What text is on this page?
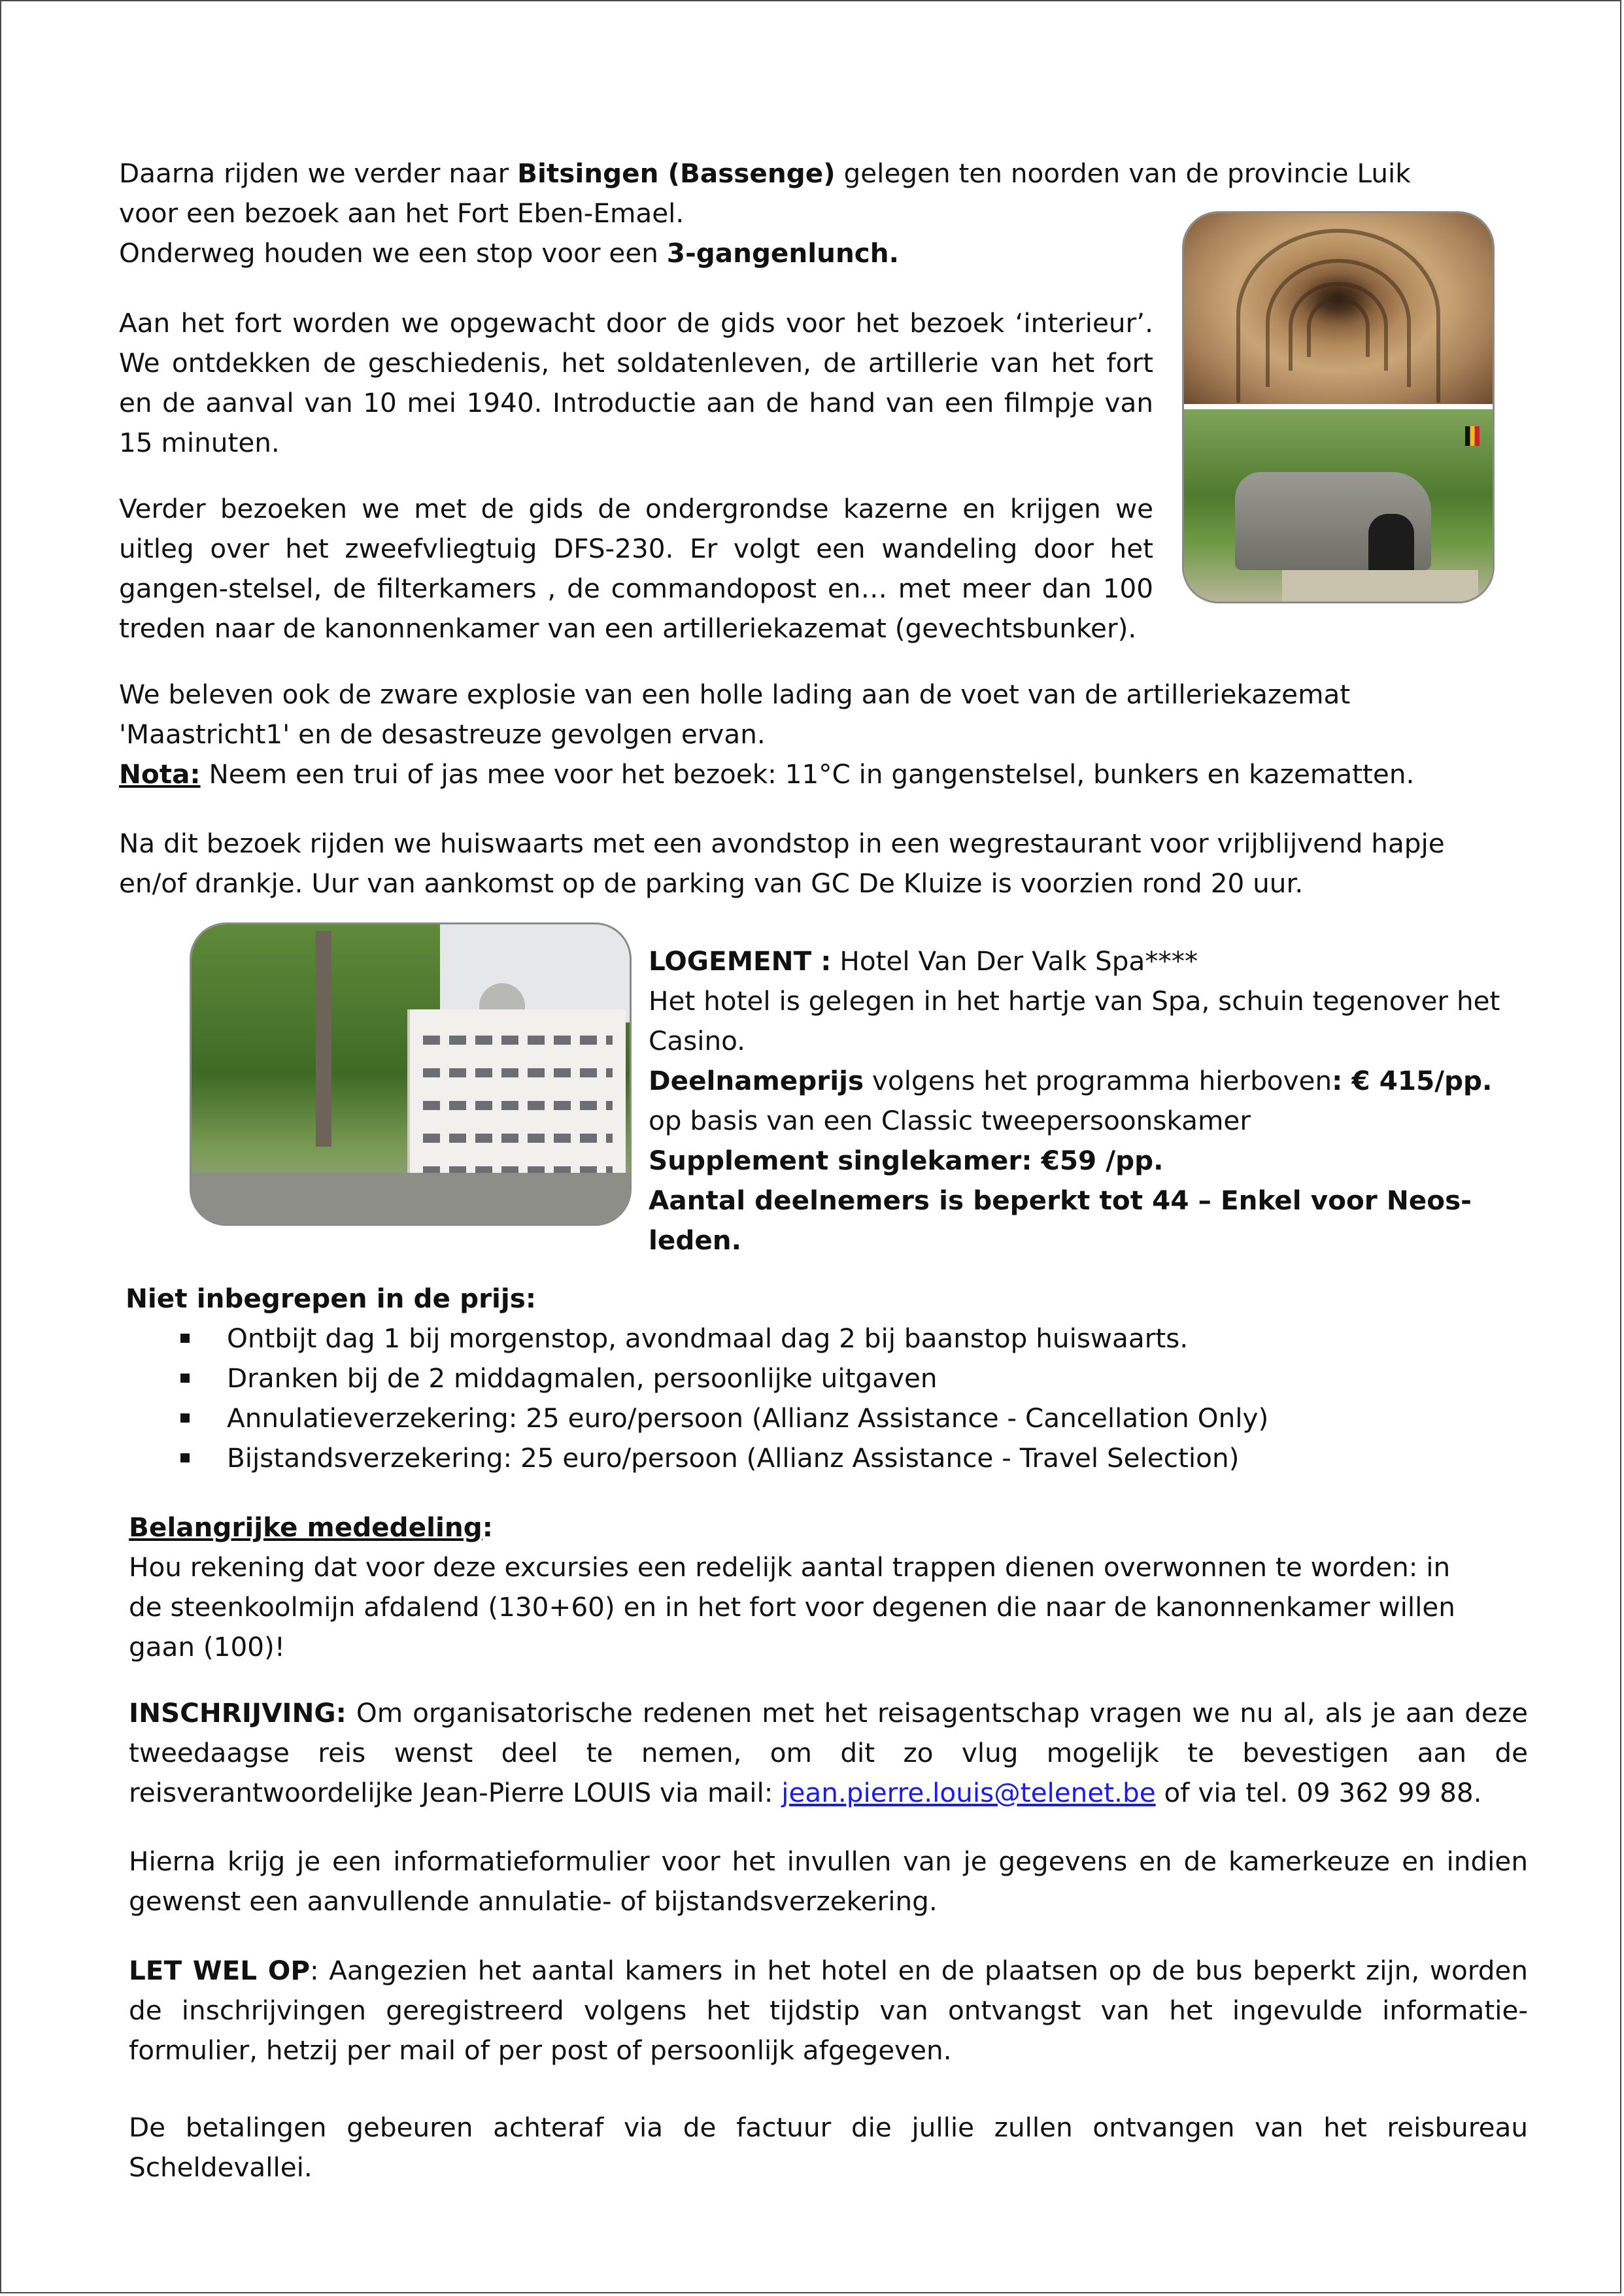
Daarna rijden we verder naar Bitsingen (Bassenge) gelegen ten noorden van de provincie Luik voor een bezoek aan het Fort Eben-Emael.
Onderweg houden we een stop voor een 3-gangenlunch.

Aan het fort worden we opgewacht door de gids voor het bezoek ‘interieur’. We ontdekken de geschiedenis, het soldatenleven, de artillerie van het fort en de aanval van 10 mei 1940. Introductie aan de hand van een filmpje van 15 minuten.

Verder bezoeken we met de gids de ondergrondse kazerne en krijgen we uitleg over het zweefvliegtuig DFS-230. Er volgt een wandeling door het gangen-stelsel, de filterkamers , de commandopost en… met meer dan 100 treden naar de kanonnenkamer van een artilleriekazemat (gevechtsbunker).

We beleven ook de zware explosie van een holle lading aan de voet van de artilleriekazemat 'Maastricht1' en de desastreuze gevolgen ervan.
Nota: Neem een trui of jas mee voor het bezoek: 11°C in gangenstelsel, bunkers en kazematten.

Na dit bezoek rijden we huiswaarts met een avondstop in een wegrestaurant voor vrijblijvend hapje en/of drankje. Uur van aankomst op de parking van GC De Kluize is voorzien rond 20 uur.

LOGEMENT : Hotel Van Der Valk Spa****
Het hotel is gelegen in het hartje van Spa, schuin tegenover het Casino.
Deelnameprijs volgens het programma hierboven: € 415/pp.
op basis van een Classic tweepersoonskamer
Supplement singlekamer: €59 /pp.
Aantal deelnemers is beperkt tot 44 – Enkel voor Neos-leden.
Niet inbegrepen in de prijs:
Ontbijt dag 1 bij morgenstop, avondmaal dag 2 bij baanstop huiswaarts.
Dranken bij de 2 middagmalen, persoonlijke uitgaven
Annulatieverzekering: 25 euro/persoon (Allianz Assistance - Cancellation Only)
Bijstandsverzekering: 25 euro/persoon (Allianz Assistance - Travel Selection)
Belangrijke mededeling:
Hou rekening dat voor deze excursies een redelijk aantal trappen dienen overwonnen te worden: in de steenkoolmijn afdalend (130+60) en in het fort voor degenen die naar de kanonnenkamer willen gaan (100)!

INSCHRIJVING: Om organisatorische redenen met het reisagentschap vragen we nu al, als je aan deze tweedaagse reis wenst deel te nemen, om dit zo vlug mogelijk te bevestigen aan de reisverantwoordelijke Jean-Pierre LOUIS via mail: jean.pierre.louis@telenet.be of via tel. 09 362 99 88.

Hierna krijg je een informatieformulier voor het invullen van je gegevens en de kamerkeuze en indien gewenst een aanvullende annulatie- of bijstandsverzekering.

LET WEL OP: Aangezien het aantal kamers in het hotel en de plaatsen op de bus beperkt zijn, worden de inschrijvingen geregistreerd volgens het tijdstip van ontvangst van het ingevulde informatie-formulier, hetzij per mail of per post of persoonlijk afgegeven.

De betalingen gebeuren achteraf via de factuur die jullie zullen ontvangen van het reisbureau Scheldevallei.
